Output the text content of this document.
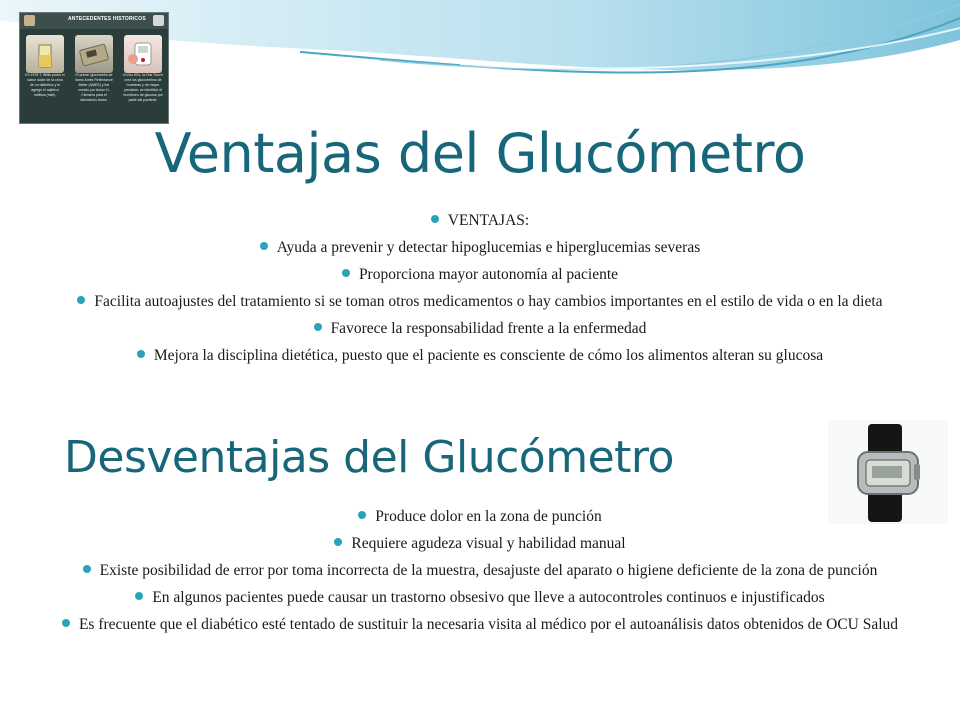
ANTECEDENTES HISTORICOS
En 1978 T. Willis probó el sabor dulce de la orina de un diabético y le agregó el adjetivo mellitus (miel).
El primer glucómetro se llamó Ames Reflectance Meter (AMES) y fue creado por Anton H. Clemens para el laboratorio Ames.
En los 80's, la One Touch creó los glucómetros de muestras y de mayor precisión, se identificó el monitoreo de glucosa por parte del paciente.
Ventajas del Glucómetro
VENTAJAS:
Ayuda a prevenir y detectar hipoglucemias e hiperglucemias severas
Proporciona mayor autonomía al paciente
Facilita autoajustes del tratamiento si se toman otros medicamentos o hay cambios importantes en el estilo de vida o en la dieta
Favorece la responsabilidad frente a la enfermedad
Mejora la disciplina dietética, puesto que el paciente es consciente de cómo los alimentos alteran su glucosa
Desventajas del Glucómetro
Produce dolor en la zona de punción
Requiere agudeza visual y habilidad manual
Existe posibilidad de error por toma incorrecta de la muestra, desajuste del aparato o higiene deficiente de la zona de punción
En algunos pacientes puede causar un trastorno obsesivo que lleve a autocontroles continuos e injustificados
Es frecuente que el diabético esté tentado de sustituir la necesaria visita al médico por el autoanálisis datos obtenidos de OCU Salud
